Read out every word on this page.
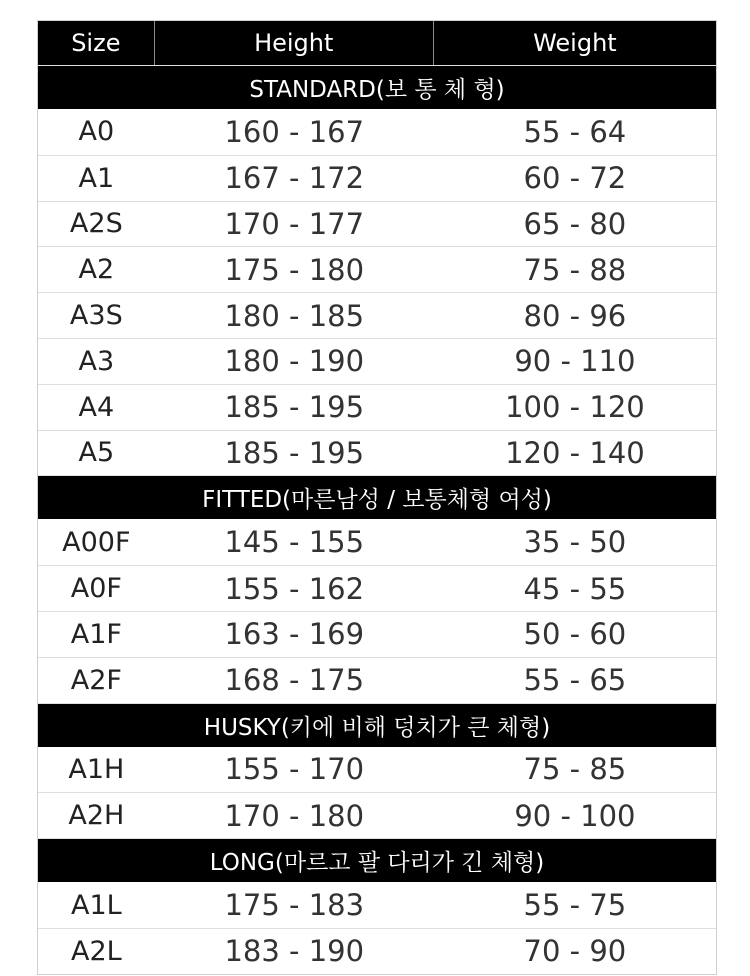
Size	Height	Weight
STANDARD(보 통 체 형)
A0	160 - 167	55 - 64
A1	167 - 172	60 - 72
A2S	170 - 177	65 - 80
A2	175 - 180	75 - 88
A3S	180 - 185	80 - 96
A3	180 - 190	90 - 110
A4	185 - 195	100 - 120
A5	185 - 195	120 - 140
FITTED(마른남성 / 보통체형 여성)
A00F	145 - 155	35 - 50
A0F	155 - 162	45 - 55
A1F	163 - 169	50 - 60
A2F	168 - 175	55 - 65
HUSKY(키에 비해 덩치가 큰 체형)
A1H	155 - 170	75 - 85
A2H	170 - 180	90 - 100
LONG(마르고 팔 다리가 긴 체형)
A1L	175 - 183	55 - 75
A2L	183 - 190	70 - 90
